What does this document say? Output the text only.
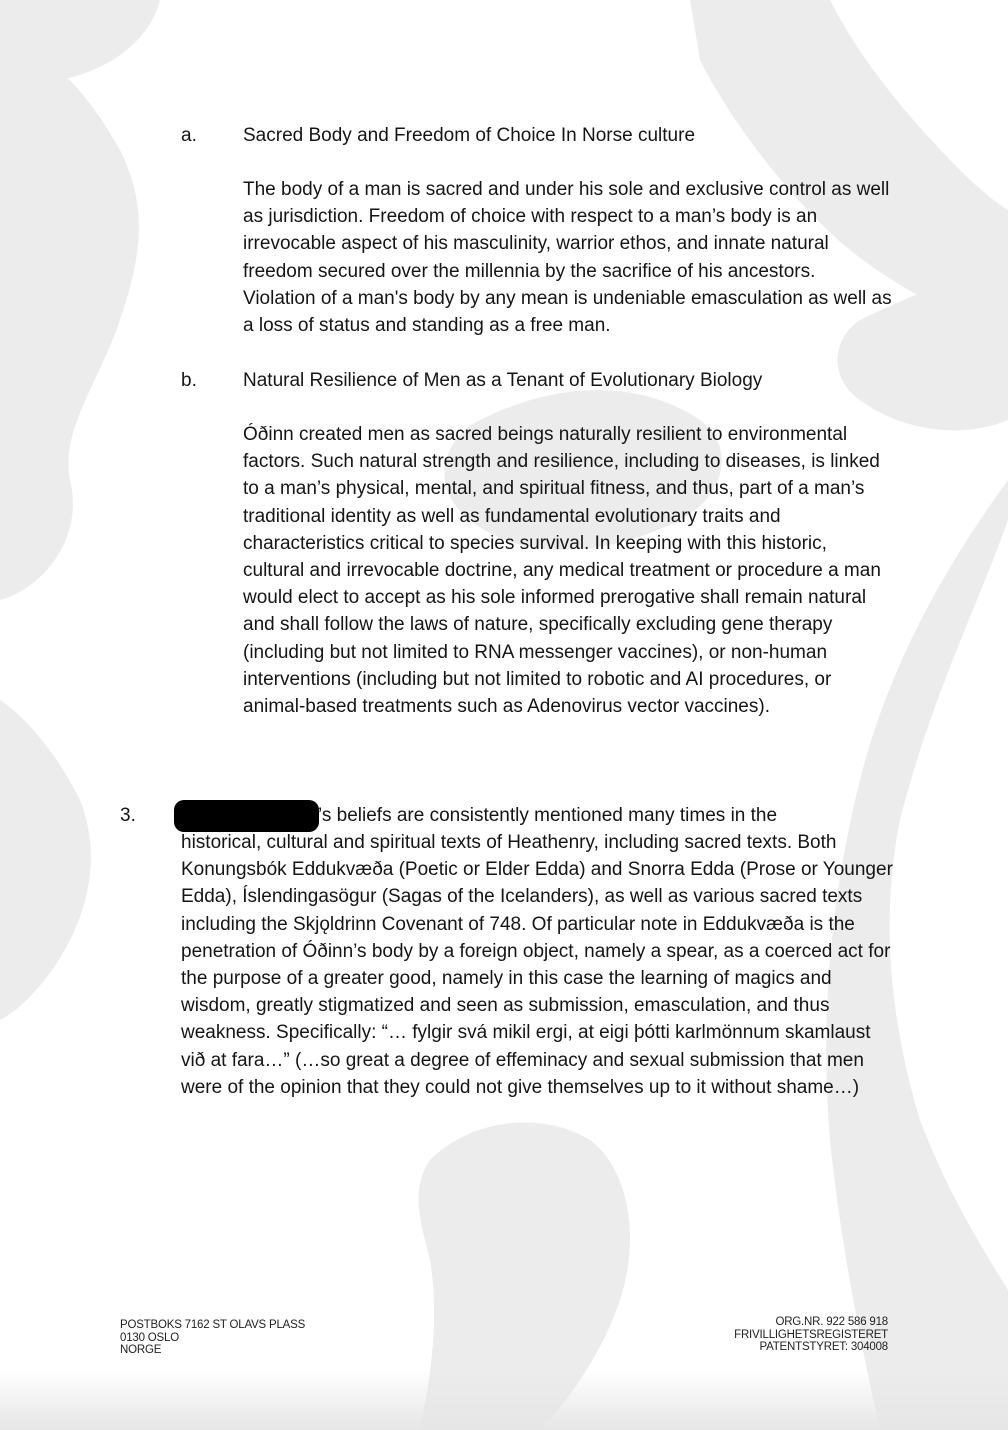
a. Sacred Body and Freedom of Choice In Norse culture

The body of a man is sacred and under his sole and exclusive control as well as jurisdiction. Freedom of choice with respect to a man’s body is an irrevocable aspect of his masculinity, warrior ethos, and innate natural freedom secured over the millennia by the sacrifice of his ancestors. Violation of a man's body by any mean is undeniable emasculation as well as a loss of status and standing as a free man.

b. Natural Resilience of Men as a Tenant of Evolutionary Biology

Óðinn created men as sacred beings naturally resilient to environmental factors. Such natural strength and resilience, including to diseases, is linked to a man’s physical, mental, and spiritual fitness, and thus, part of a man’s traditional identity as well as fundamental evolutionary traits and characteristics critical to species survival. In keeping with this historic, cultural and irrevocable doctrine, any medical treatment or procedure a man would elect to accept as his sole informed prerogative shall remain natural and shall follow the laws of nature, specifically excluding gene therapy (including but not limited to RNA messenger vaccines), or non-human interventions (including but not limited to robotic and AI procedures, or animal-based treatments such as Adenovirus vector vaccines).

3.	’s beliefs are consistently mentioned many times in the

historical, cultural and spiritual texts of Heathenry, including sacred texts. Both Konungsbók Eddukvæða (Poetic or Elder Edda) and Snorra Edda (Prose or Younger Edda), Íslendingasögur (Sagas of the Icelanders), as well as various sacred texts including the Skjǫldrinn Covenant of 748. Of particular note in Eddukvæða is the penetration of Óðinn’s body by a foreign object, namely a spear, as a coerced act for the purpose of a greater good, namely in this case the learning of magics and wisdom, greatly stigmatized and seen as submission, emasculation, and thus weakness. Specifically: “… fylgir svá mikil ergi, at eigi þótti karlmönnum skamlaust við at fara…” (…so great a degree of effeminacy and sexual submission that men were of the opinion that they could not give themselves up to it without shame…)

POSTBOKS 7162 ST OLAVS PLASS
0130 OSLO
NORGE
ORG.NR. 922 586 918
FRIVILLIGHETSREGISTERET
PATENTSTYRET: 304008
